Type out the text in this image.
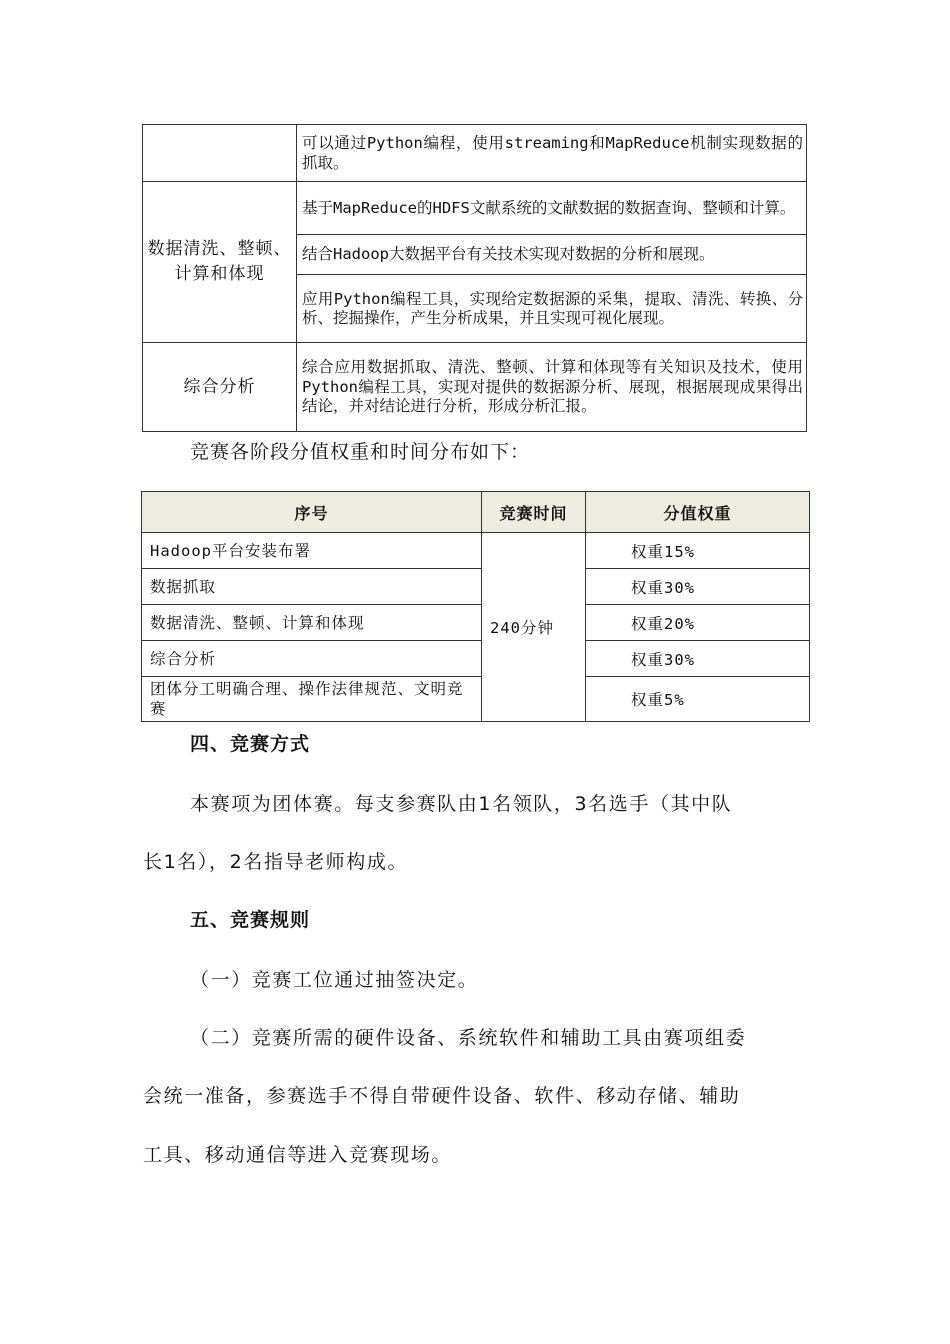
	可以通过Python编程，使用streaming和MapReduce机制实现数据的抓取。
数据清洗、整顿、计算和体现	基于MapReduce的HDFS文献系统的文献数据的数据查询、整顿和计算。
	结合Hadoop大数据平台有关技术实现对数据的分析和展现。
	应用Python编程工具，实现给定数据源的采集，提取、清洗、转换、分析、挖掘操作，产生分析成果，并且实现可视化展现。
综合分析	综合应用数据抓取、清洗、整顿、计算和体现等有关知识及技术，使用Python编程工具，实现对提供的数据源分析、展现，根据展现成果得出结论，并对结论进行分析，形成分析汇报。

竞赛各阶段分值权重和时间分布如下：

序号	竞赛时间	分值权重
Hadoop平台安装布署	240分钟	权重15%
数据抓取		权重30%
数据清洗、整顿、计算和体现		权重20%
综合分析		权重30%
团体分工明确合理、操作法律规范、文明竞赛		权重5%

四、竞赛方式

本赛项为团体赛。每支参赛队由1名领队，3名选手（其中队

长1名），2名指导老师构成。

五、竞赛规则

（一）竞赛工位通过抽签决定。

（二）竞赛所需的硬件设备、系统软件和辅助工具由赛项组委

会统一准备，参赛选手不得自带硬件设备、软件、移动存储、辅助

工具、移动通信等进入竞赛现场。
